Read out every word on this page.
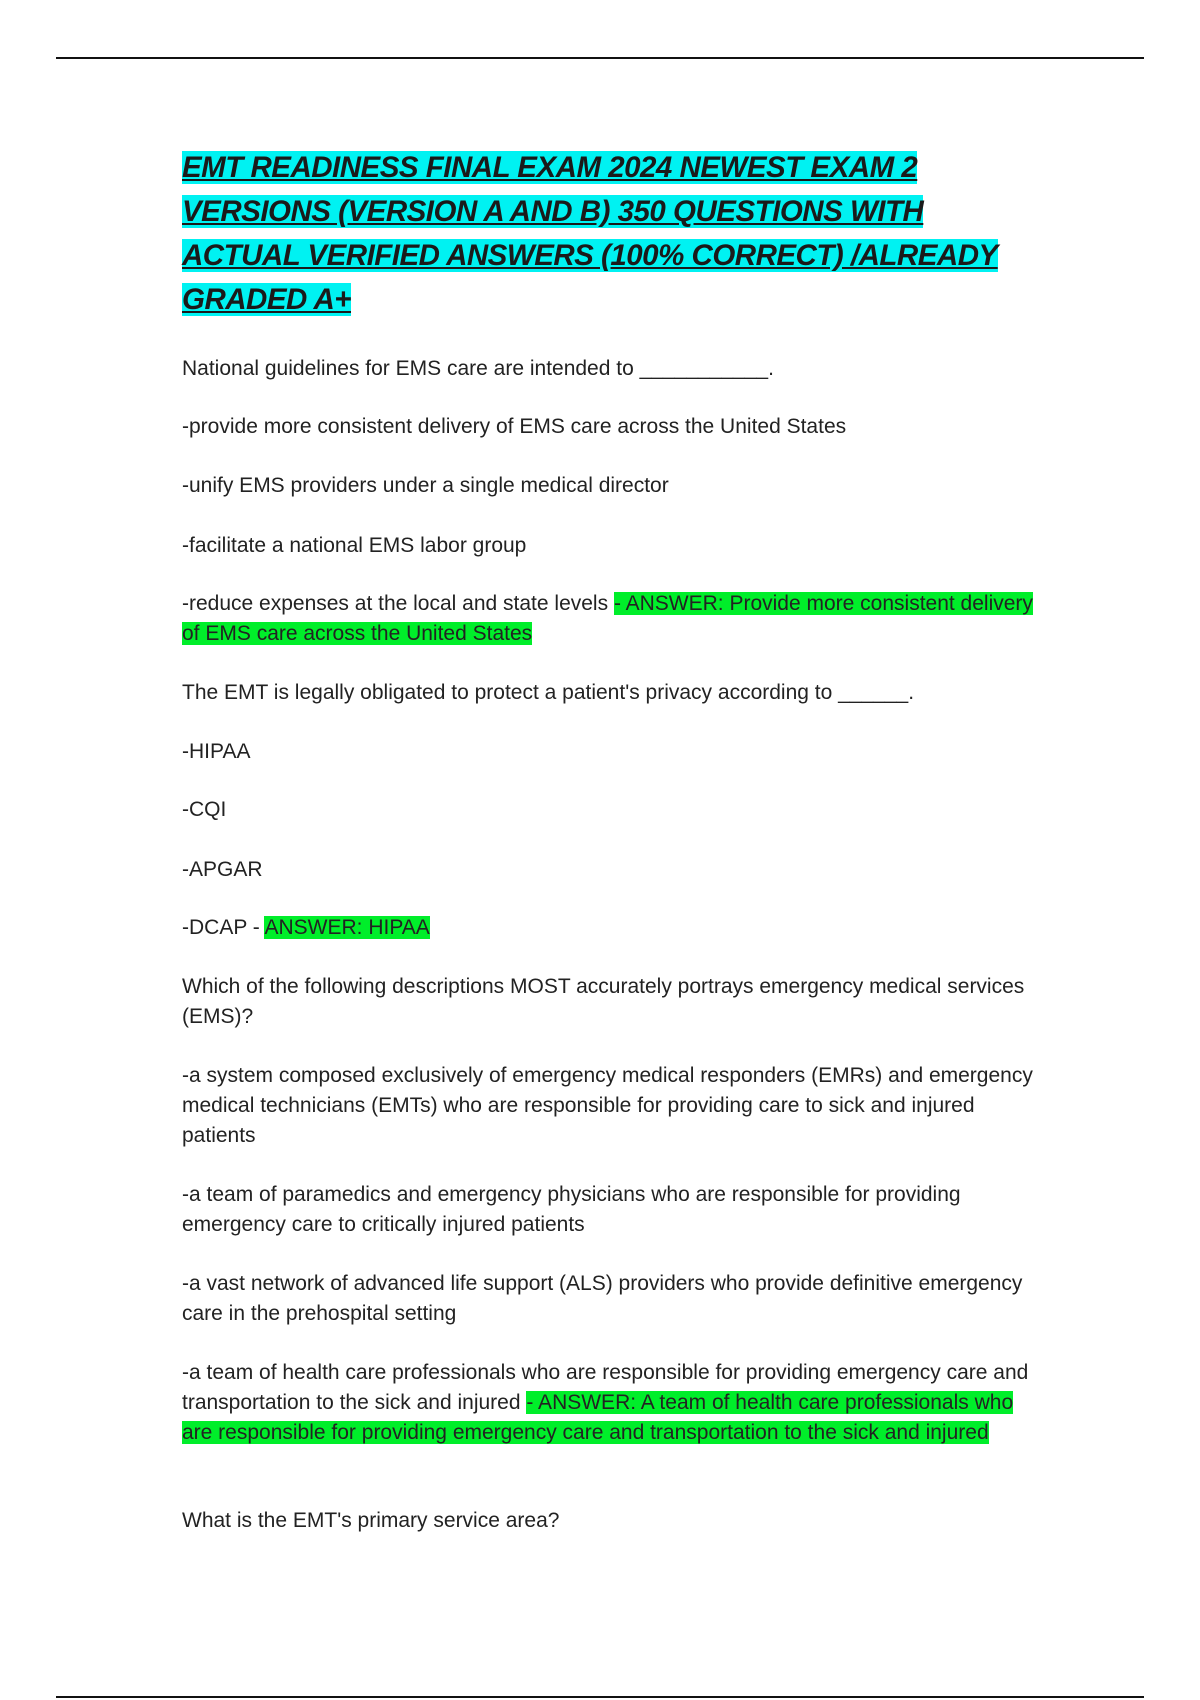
EMT READINESS FINAL EXAM 2024 NEWEST EXAM 2 VERSIONS (VERSION A AND B) 350 QUESTIONS WITH ACTUAL VERIFIED ANSWERS (100% CORRECT) /ALREADY GRADED A+

National guidelines for EMS care are intended to ___________.

-provide more consistent delivery of EMS care across the United States

-unify EMS providers under a single medical director

-facilitate a national EMS labor group

-reduce expenses at the local and state levels - ANSWER: Provide more consistent delivery of EMS care across the United States

The EMT is legally obligated to protect a patient's privacy according to ______.

-HIPAA

-CQI

-APGAR

-DCAP - ANSWER: HIPAA

Which of the following descriptions MOST accurately portrays emergency medical services (EMS)?

-a system composed exclusively of emergency medical responders (EMRs) and emergency medical technicians (EMTs) who are responsible for providing care to sick and injured patients

-a team of paramedics and emergency physicians who are responsible for providing emergency care to critically injured patients

-a vast network of advanced life support (ALS) providers who provide definitive emergency care in the prehospital setting

-a team of health care professionals who are responsible for providing emergency care and transportation to the sick and injured - ANSWER: A team of health care professionals who are responsible for providing emergency care and transportation to the sick and injured

What is the EMT's primary service area?
